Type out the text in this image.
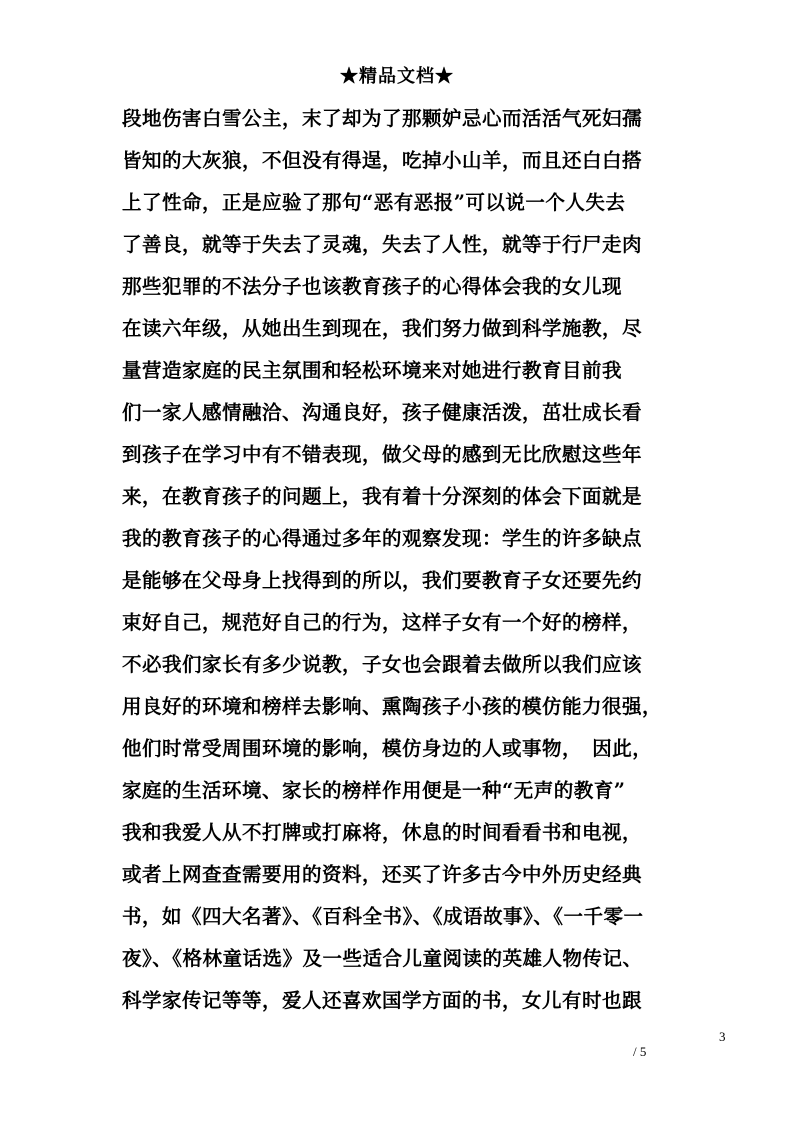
★精品文档★
段地伤害白雪公主，末了却为了那颗妒忌心而活活气死妇孺
皆知的大灰狼，不但没有得逞，吃掉小山羊，而且还白白搭
上了性命，正是应验了那句“恶有恶报”可以说一个人失去
了善良，就等于失去了灵魂，失去了人性，就等于行尸走肉
那些犯罪的不法分子也该教育孩子的心得体会我的女儿现
在读六年级，从她出生到现在，我们努力做到科学施教，尽
量营造家庭的民主氛围和轻松环境来对她进行教育目前我
们一家人感情融洽、沟通良好，孩子健康活泼，茁壮成长看
到孩子在学习中有不错表现，做父母的感到无比欣慰这些年
来，在教育孩子的问题上，我有着十分深刻的体会下面就是
我的教育孩子的心得通过多年的观察发现：学生的许多缺点
是能够在父母身上找得到的所以，我们要教育子女还要先约
束好自己，规范好自己的行为，这样子女有一个好的榜样，
不必我们家长有多少说教，子女也会跟着去做所以我们应该
用良好的环境和榜样去影响、熏陶孩子小孩的模仿能力很强，
他们时常受周围环境的影响，模仿身边的人或事物，　因此，
家庭的生活环境、家长的榜样作用便是一种“无声的教育”
我和我爱人从不打牌或打麻将，休息的时间看看书和电视，
或者上网查查需要用的资料，还买了许多古今中外历史经典
书，如《四大名著》、《百科全书》、《成语故事》、《一千零一
夜》、《格林童话选》及一些适合儿童阅读的英雄人物传记、
科学家传记等等，爱人还喜欢国学方面的书，女儿有时也跟
3
/ 5
